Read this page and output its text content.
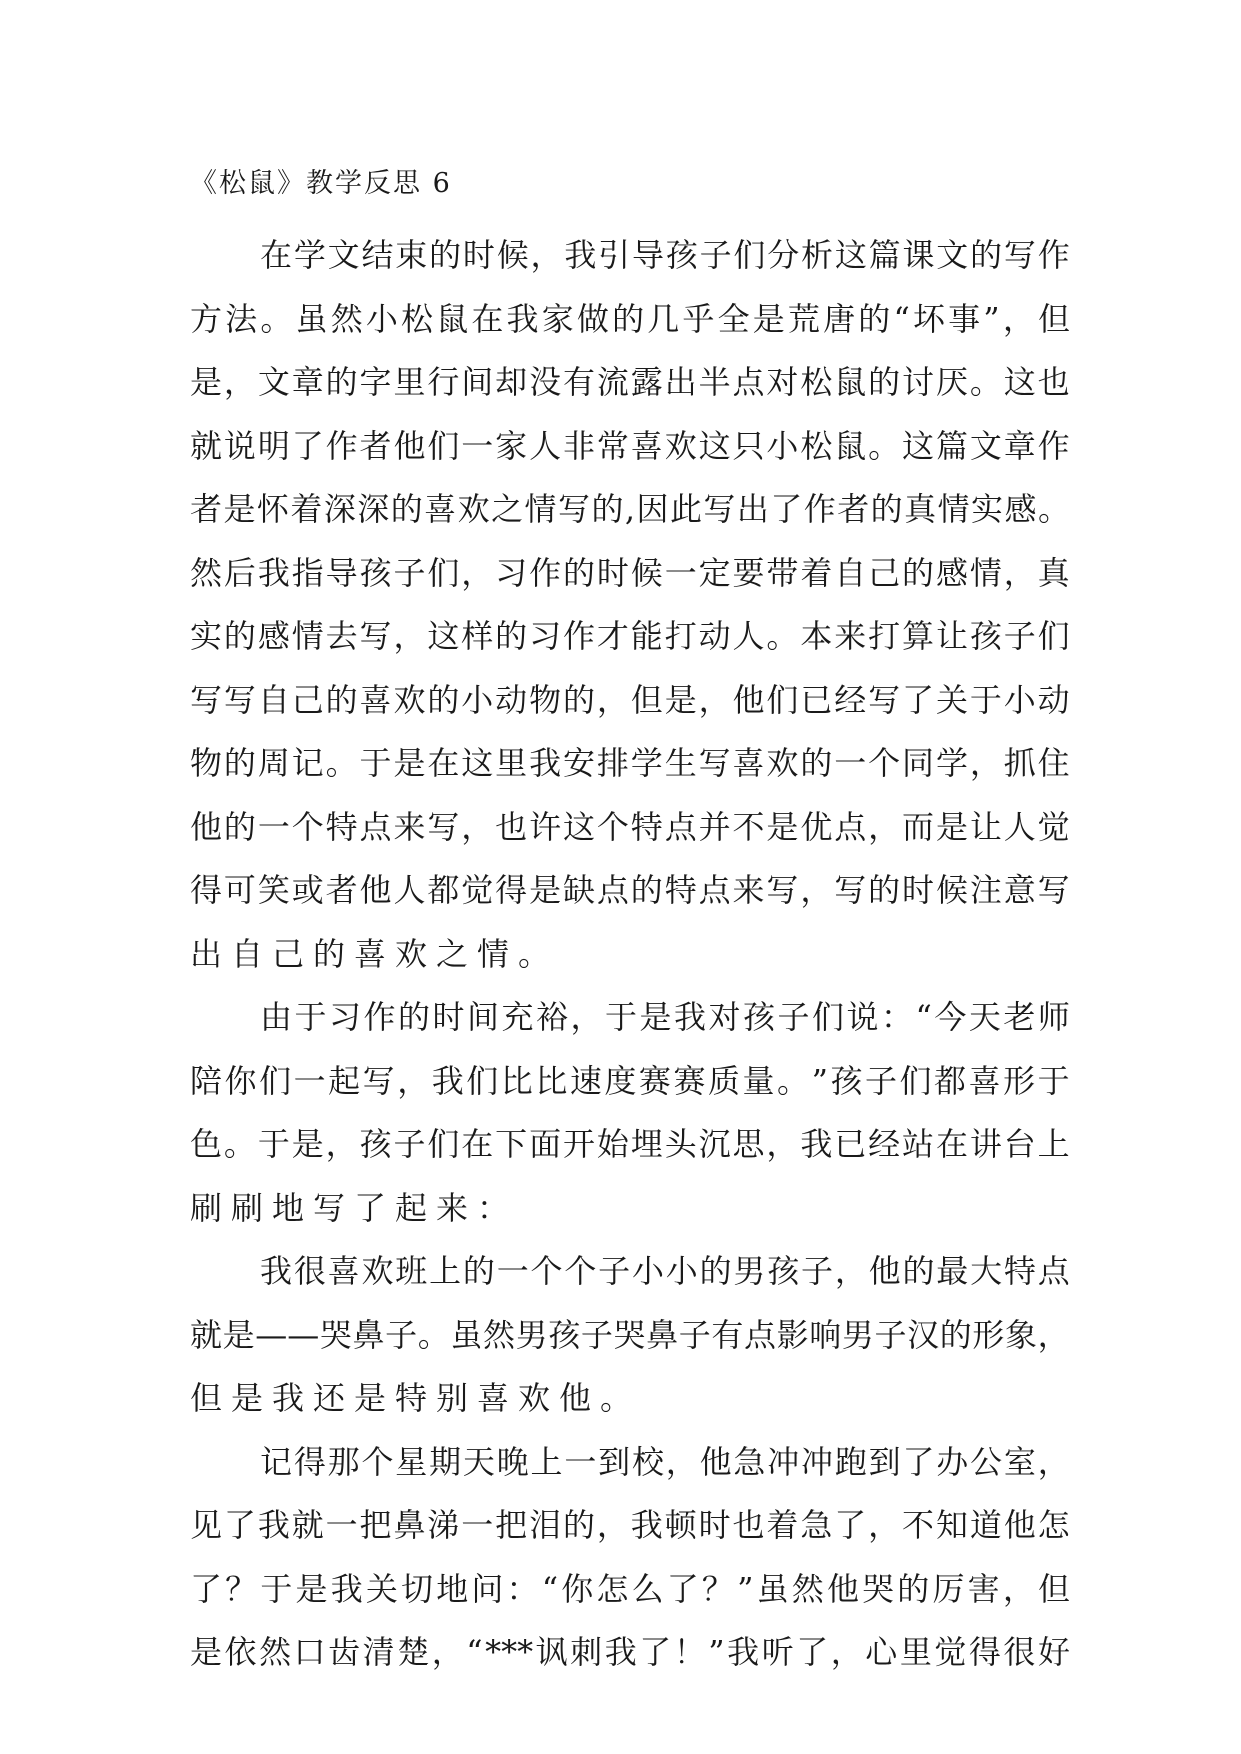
《松鼠》教学反思 6
在 学 文 结 束 的 时 候 ， 我 引 导 孩 子 们 分 析 这 篇 课 文 的 写 作
方 法 。 虽 然 小 松 鼠 在 我 家 做 的 几 乎 全 是 荒 唐 的 “ 坏 事 ” ， 但
是 ， 文 章 的 字 里 行 间 却 没 有 流 露 出 半 点 对 松 鼠 的 讨 厌 。 这 也
就 说 明 了 作 者 他 们 一 家 人 非 常 喜 欢 这 只 小 松 鼠 。 这 篇 文 章 作
者 是 怀 着 深 深 的 喜 欢 之 情 写 的 , 因 此 写 出 了 作 者 的 真 情 实 感 。
然 后 我 指 导 孩 子 们 ， 习 作 的 时 候 一 定 要 带 着 自 己 的 感 情 ， 真
实 的 感 情 去 写 ， 这 样 的 习 作 才 能 打 动 人 。 本 来 打 算 让 孩 子 们
写 写 自 己 的 喜 欢 的 小 动 物 的 ， 但 是 ， 他 们 已 经 写 了 关 于 小 动
物 的 周 记 。 于 是 在 这 里 我 安 排 学 生 写 喜 欢 的 一 个 同 学 ， 抓 住
他 的 一 个 特 点 来 写 ， 也 许 这 个 特 点 并 不 是 优 点 ， 而 是 让 人 觉
得 可 笑 或 者 他 人 都 觉 得 是 缺 点 的 特 点 来 写 ， 写 的 时 候 注 意 写
出自己的喜欢之情。
由 于 习 作 的 时 间 充 裕 ， 于 是 我 对 孩 子 们 说 ： “ 今 天 老 师
陪 你 们 一 起 写 ， 我 们 比 比 速 度 赛 赛 质 量 。 ” 孩 子 们 都 喜 形 于
色 。 于 是 ， 孩 子 们 在 下 面 开 始 埋 头 沉 思 ， 我 已 经 站 在 讲 台 上
刷刷地写了起来：
我 很 喜 欢 班 上 的 一 个 个 子 小 小 的 男 孩 子 ， 他 的 最 大 特 点
就 是 —— 哭 鼻 子 。 虽 然 男 孩 子 哭 鼻 子 有 点 影 响 男 子 汉 的 形 象 ，
但是我还是特别喜欢他。
记 得 那 个 星 期 天 晚 上 一 到 校 ， 他 急 冲 冲 跑 到 了 办 公 室 ，
见 了 我 就 一 把 鼻 涕 一 把 泪 的 ， 我 顿 时 也 着 急 了 ， 不 知 道 他 怎
了 ？ 于 是 我 关 切 地 问 ： “ 你 怎 么 了 ？ ” 虽 然 他 哭 的 厉 害 ， 但
是 依 然 口 齿 清 楚 ， “ *** 讽 刺 我 了 ！ ” 我 听 了 ， 心 里 觉 得 很 好
